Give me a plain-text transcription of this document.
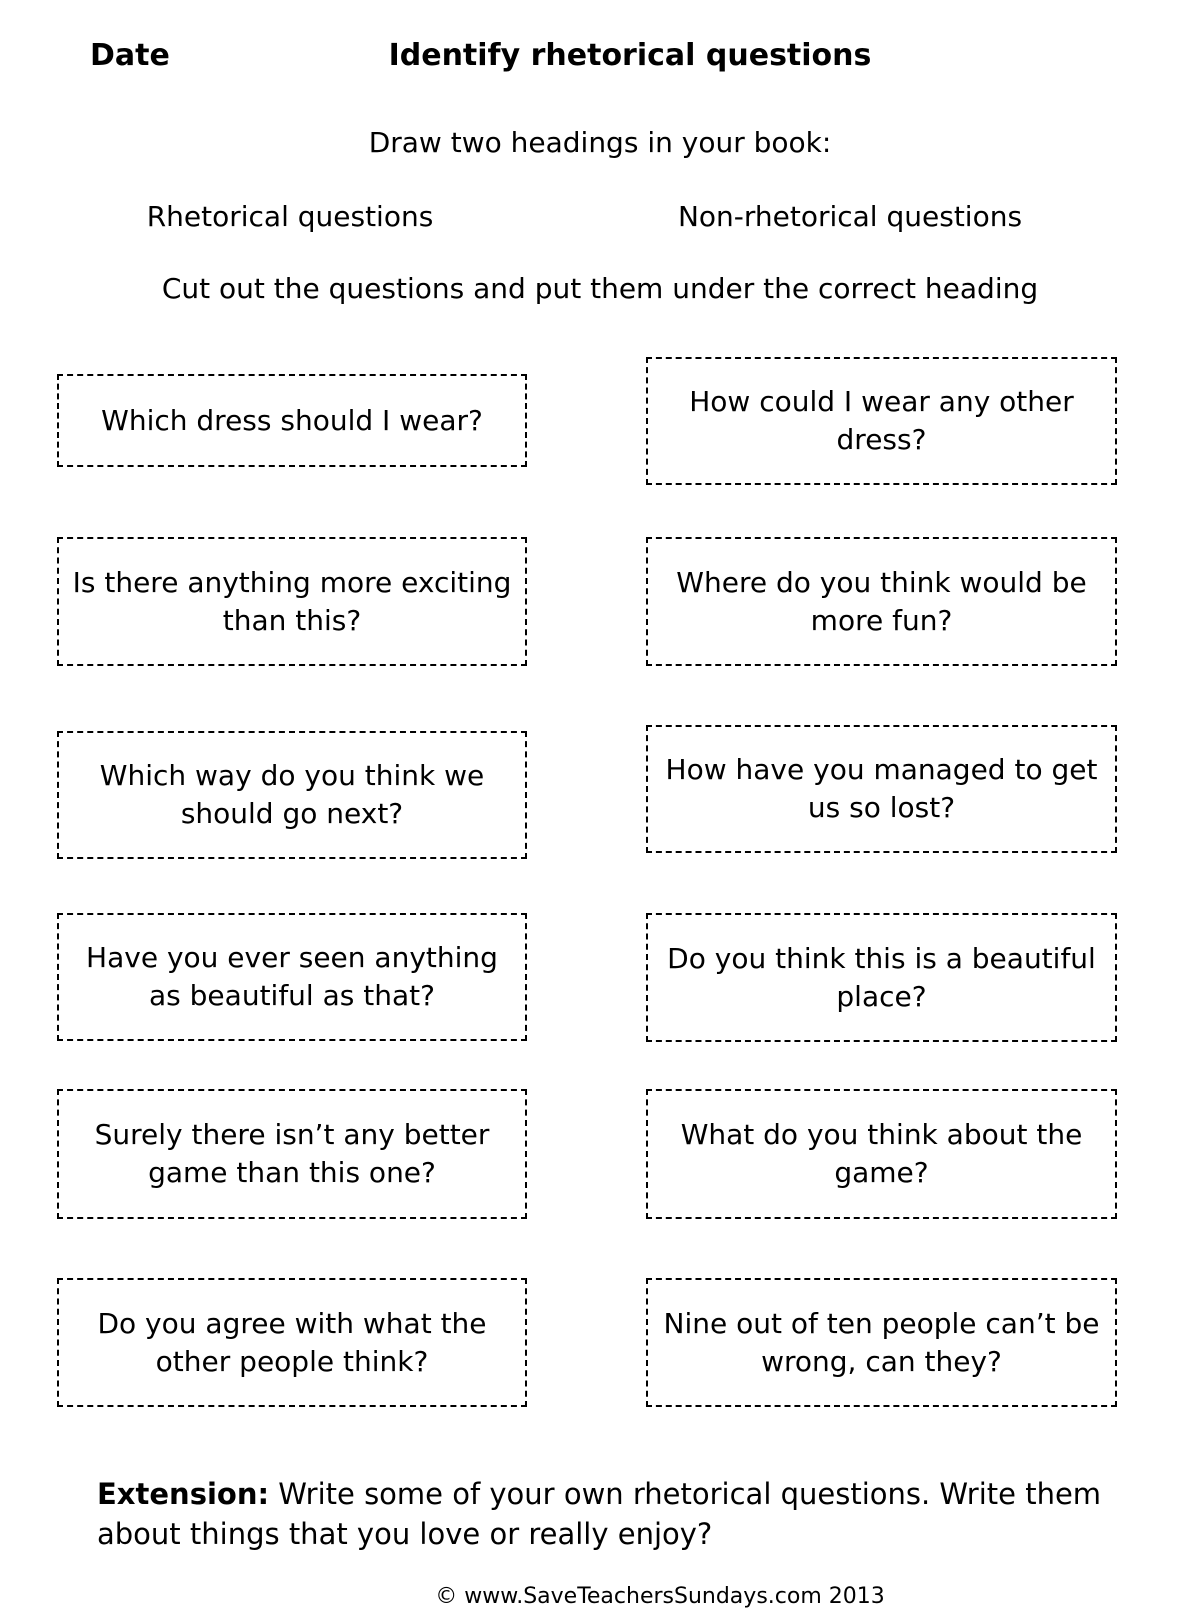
Date	Identify rhetorical questions
Draw two headings in your book:
Rhetorical questions	Non-rhetorical questions
Cut out the questions and put them under the correct heading
Which dress should I wear?
Is there anything more exciting than this?
Which way do you think we should go next?
Have you ever seen anything as beautiful as that?
Surely there isn’t any better game than this one?
Do you agree with what the other people think?
How could I wear any other dress?
Where do you think would be more fun?
How have you managed to get us so lost?
Do you think this is a beautiful place?
What do you think about the game?
Nine out of ten people can’t be wrong, can they?
Extension: Write some of your own rhetorical questions. Write them about things that you love or really enjoy?
© www.SaveTeachersSundays.com 2013
